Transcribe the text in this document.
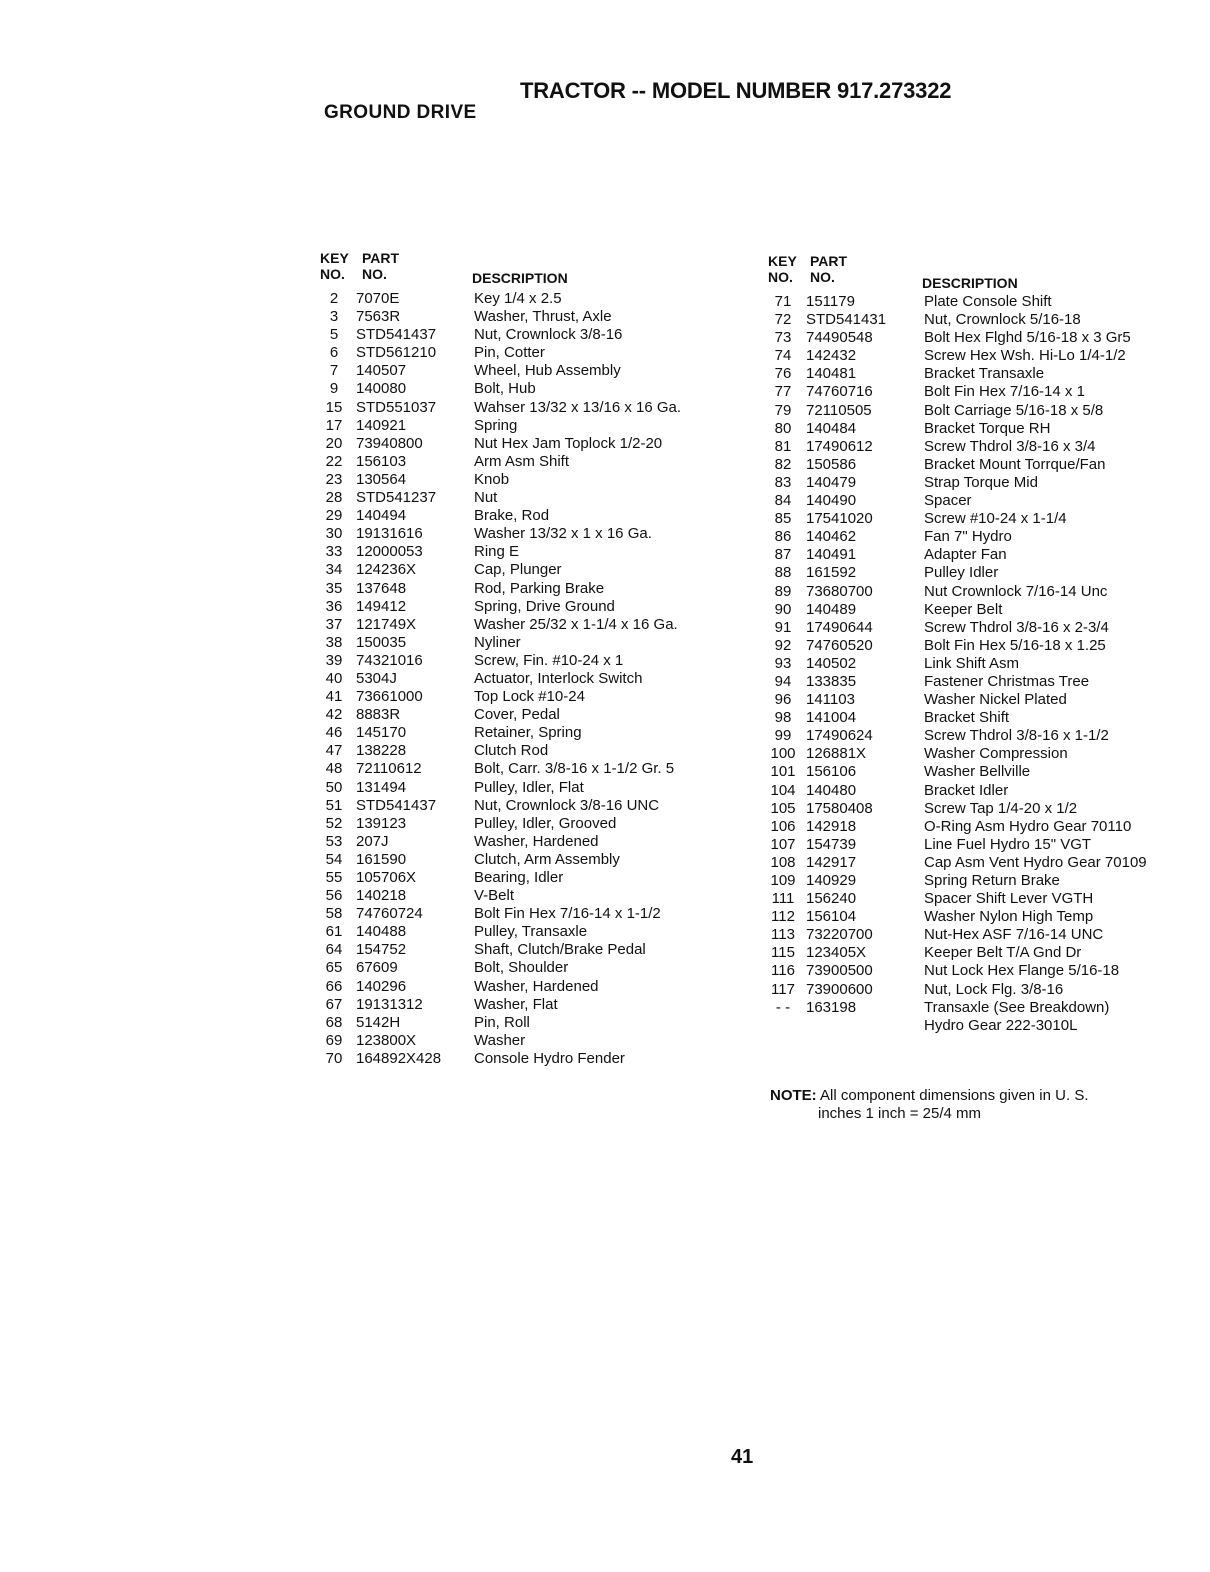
TRACTOR -- MODEL NUMBER 917.273322
GROUND DRIVE
KEY
NO.
PART
NO.	DESCRIPTION
2	7070E	Key 1/4 x 2.5
3	7563R	Washer, Thrust, Axle
5	STD541437	Nut, Crownlock 3/8-16
6	STD561210	Pin, Cotter
7	140507	Wheel, Hub Assembly
9	140080	Bolt, Hub
15 STD551037	Wahser 13/32 x 13/16 x 16 Ga.
17 140921	Spring
20 73940800	Nut Hex Jam Toplock 1/2-20
22 156103	Arm Asm Shift
23 130564	Knob
28 STD541237	Nut
29 140494	Brake, Rod
30 19131616	Washer 13/32 x 1 x 16 Ga.
33 12000053	Ring E
34 124236X	Cap, Plunger
35 137648	Rod, Parking Brake
36 149412	Spring, Drive Ground
37 121749X	Washer 25/32 x 1-1/4 x 16 Ga.
38 150035	Nyliner
39 74321016	Screw, Fin. #10-24 x 1
40 5304J	Actuator, Interlock Switch
41 73661000	Top Lock #10-24
42 8883R	Cover, Pedal
46 145170	Retainer, Spring
47 138228	Clutch Rod
48 72110612	Bolt, Carr. 3/8-16 x 1-1/2 Gr. 5
50 131494	Pulley, Idler, Flat
51 STD541437	Nut, Crownlock 3/8-16 UNC
52 139123	Pulley, Idler, Grooved
53 207J	Washer, Hardened
54 161590	Clutch, Arm Assembly
55 105706X	Bearing, Idler
56 140218	V-Belt
58 74760724	Bolt Fin Hex 7/16-14 x 1-1/2
61 140488	Pulley, Transaxle
64 154752	Shaft, Clutch/Brake Pedal
65 67609	Bolt, Shoulder
66 140296	Washer, Hardened
67 19131312	Washer, Flat
68 5142H	Pin, Roll
69 123800X	Washer
70 164892X428 Console Hydro Fender
KEY
NO.
PART
NO.	DESCRIPTION
71 151179	Plate Console Shift
72 STD541431	Nut, Crownlock 5/16-18
73 74490548	Bolt Hex Flghd 5/16-18 x 3 Gr5
74 142432	Screw Hex Wsh. Hi-Lo 1/4-1/2
76 140481	Bracket Transaxle
77 74760716	Bolt Fin Hex 7/16-14 x 1
79 72110505	Bolt Carriage 5/16-18 x 5/8
80 140484	Bracket Torque RH
81 17490612	Screw Thdrol 3/8-16 x 3/4
82 150586	Bracket Mount Torrque/Fan
83 140479	Strap Torque Mid
84 140490	Spacer
85 17541020	Screw #10-24 x 1-1/4
86 140462	Fan 7" Hydro
87 140491	Adapter Fan
88 161592	Pulley Idler
89 73680700	Nut Crownlock 7/16-14 Unc
90 140489	Keeper Belt
91 17490644	Screw Thdrol 3/8-16 x 2-3/4
92 74760520	Bolt Fin Hex 5/16-18 x 1.25
93 140502	Link Shift Asm
94 133835	Fastener Christmas Tree
96 141103	Washer Nickel Plated
98 141004	Bracket Shift
99 17490624	Screw Thdrol 3/8-16 x 1-1/2
100 126881X	Washer Compression
101 156106	Washer Bellville
104 140480	Bracket Idler
105 17580408	Screw Tap 1/4-20 x 1/2
106 142918	O-Ring Asm Hydro Gear 70110
107 154739	Line Fuel Hydro 15" VGT
108 142917	Cap Asm Vent Hydro Gear 70109
109 140929	Spring Return Brake
111 156240	Spacer Shift Lever VGTH
112 156104	Washer Nylon High Temp
113 73220700	Nut-Hex ASF 7/16-14 UNC
115 123405X	Keeper Belt T/A Gnd Dr
116 73900500	Nut Lock Hex Flange 5/16-18
117 73900600	Nut, Lock Flg. 3/8-16
- -	163198	Transaxle (See Breakdown)
Hydro Gear 222-3010L
NOTE: All component dimensions given in U. S.
inches 1 inch = 25/4 mm
41
